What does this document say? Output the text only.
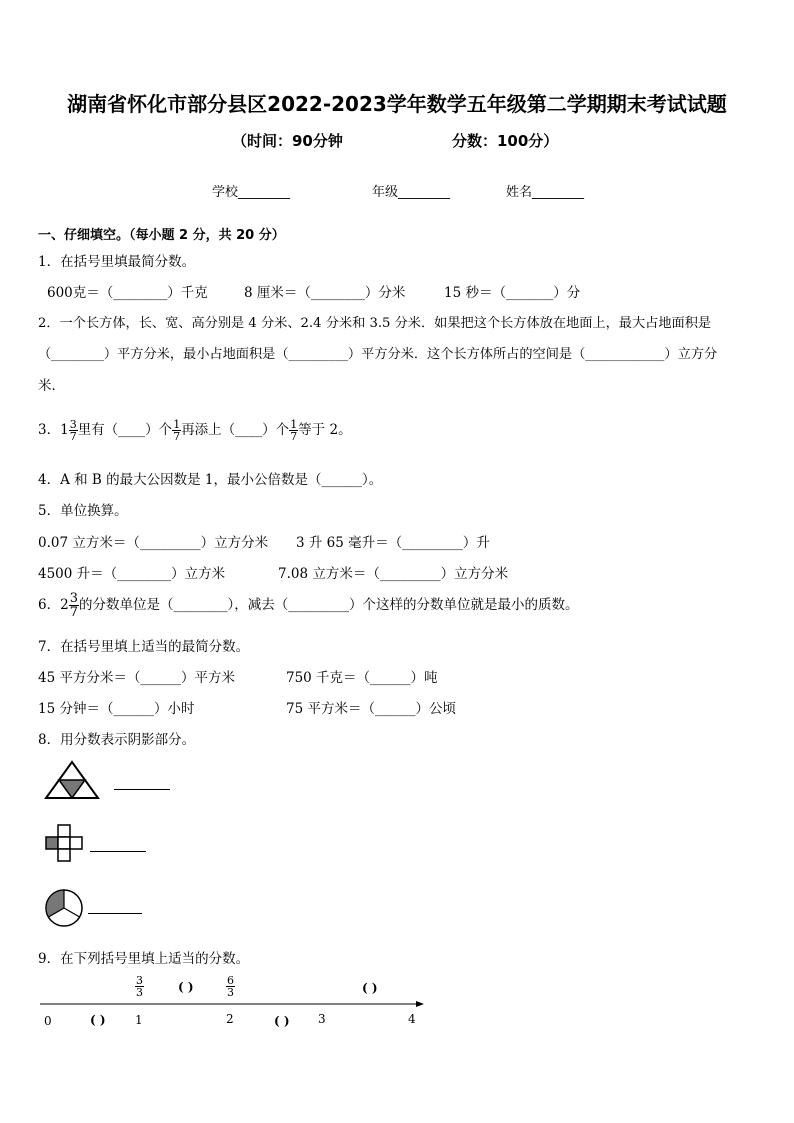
湖南省怀化市部分县区2022-2023学年数学五年级第二学期期末考试试题
（时间：90分钟	分数：100分）
学校________	年级________	姓名________
一、仔细填空。（每小题 2 分，共 20 分）
1．在括号里填最简分数。
600克＝（________）千克	8 厘米＝（________）分米	15 秒＝（_______）分
2．一个长方体，长、宽、高分别是 4 分米、2.4 分米和 3.5 分米．如果把这个长方体放在地面上，最大占地面积是
（________）平方分米，最小占地面积是（_________）平方分米．这个长方体所占的空间是（____________）立方分
米．
3．$1 \frac{3}{7}$ 里有（____）个 $\frac{1}{7}$ 再添上（____）个 $\frac{1}{7}$ 等于 2。
4．A 和 B 的最大公因数是 1，最小公倍数是（______）。
5．单位换算。
0.07 立方米＝（_________）立方分米 3 升 65 毫升＝（_________）升
4500 升＝（________）立方米	7.08 立方米＝（_________）立方分米
6．$2 \frac{3}{7}$ 的分数单位是（________），减去（_________）个这样的分数单位就是最小的质数。
7．在括号里填上适当的最简分数。
45 平方分米＝（______）平方米	750 千克＝（______）吨
15 分钟＝（______）小时	75 平方米＝（______）公顷
8．用分数表示阴影部分。
9．在下列括号里填上适当的分数。
0	1	2	3	4
$\frac{3}{3}$	$\frac{6}{3}$
( )	( )
( )	( )
